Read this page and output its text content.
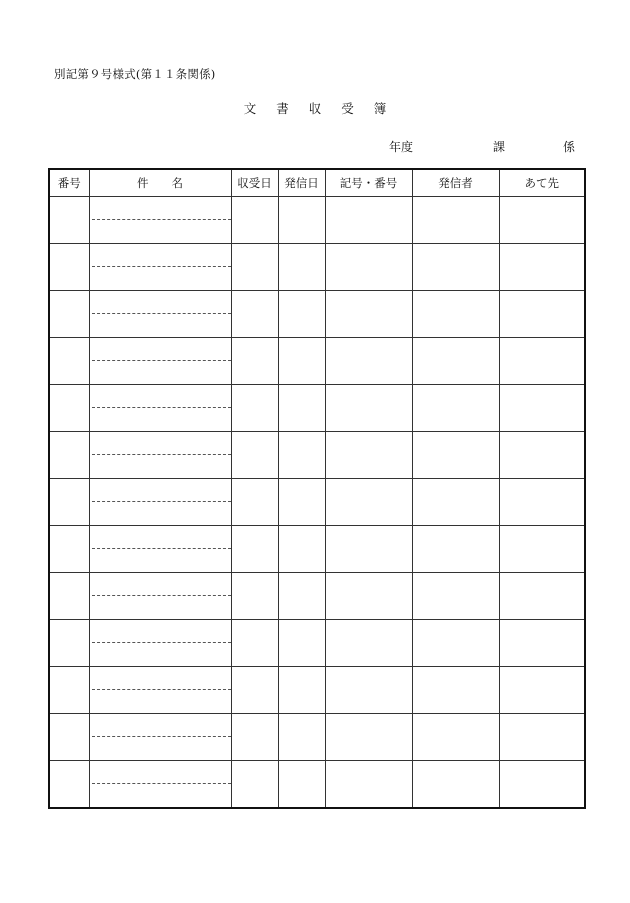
別記第９号様式(第１１条関係)
文 書 収 受 簿
年度	課	係
番号	件　　名	収受日	発信日	記号・番号	発信者	あて先
